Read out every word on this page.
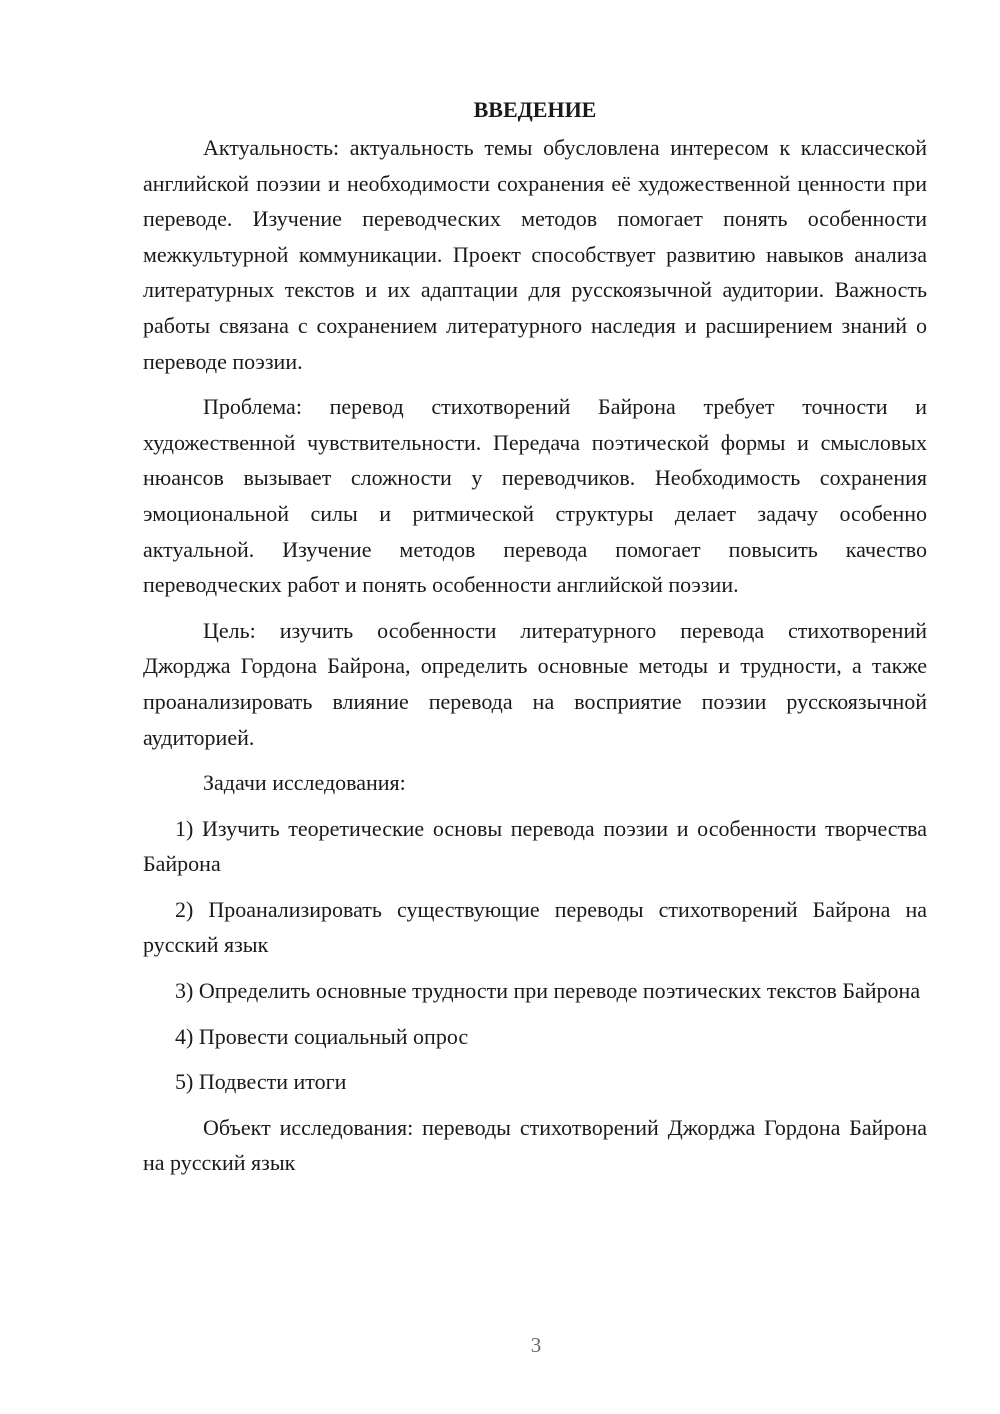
ВВЕДЕНИЕ

Актуальность: актуальность темы обусловлена интересом к классической английской поэзии и необходимости сохранения её художественной ценности при переводе. Изучение переводческих методов помогает понять особенности межкультурной коммуникации. Проект способствует развитию навыков анализа литературных текстов и их адаптации для русскоязычной аудитории. Важность работы связана с сохранением литературного наследия и расширением знаний о переводе поэзии.

Проблема: перевод стихотворений Байрона требует точности и художественной чувствительности. Передача поэтической формы и смысловых нюансов вызывает сложности у переводчиков. Необходимость сохранения эмоциональной силы и ритмической структуры делает задачу особенно актуальной. Изучение методов перевода помогает повысить качество переводческих работ и понять особенности английской поэзии.

Цель: изучить особенности литературного перевода стихотворений Джорджа Гордона Байрона, определить основные методы и трудности, а также проанализировать влияние перевода на восприятие поэзии русскоязычной аудиторией.

Задачи исследования:

1) Изучить теоретические основы перевода поэзии и особенности творчества Байрона

2) Проанализировать существующие переводы стихотворений Байрона на русский язык

3) Определить основные трудности при переводе поэтических текстов Байрона

4) Провести социальный опрос

5) Подвести итоги

Объект исследования: переводы стихотворений Джорджа Гордона Байрона на русский язык

3
